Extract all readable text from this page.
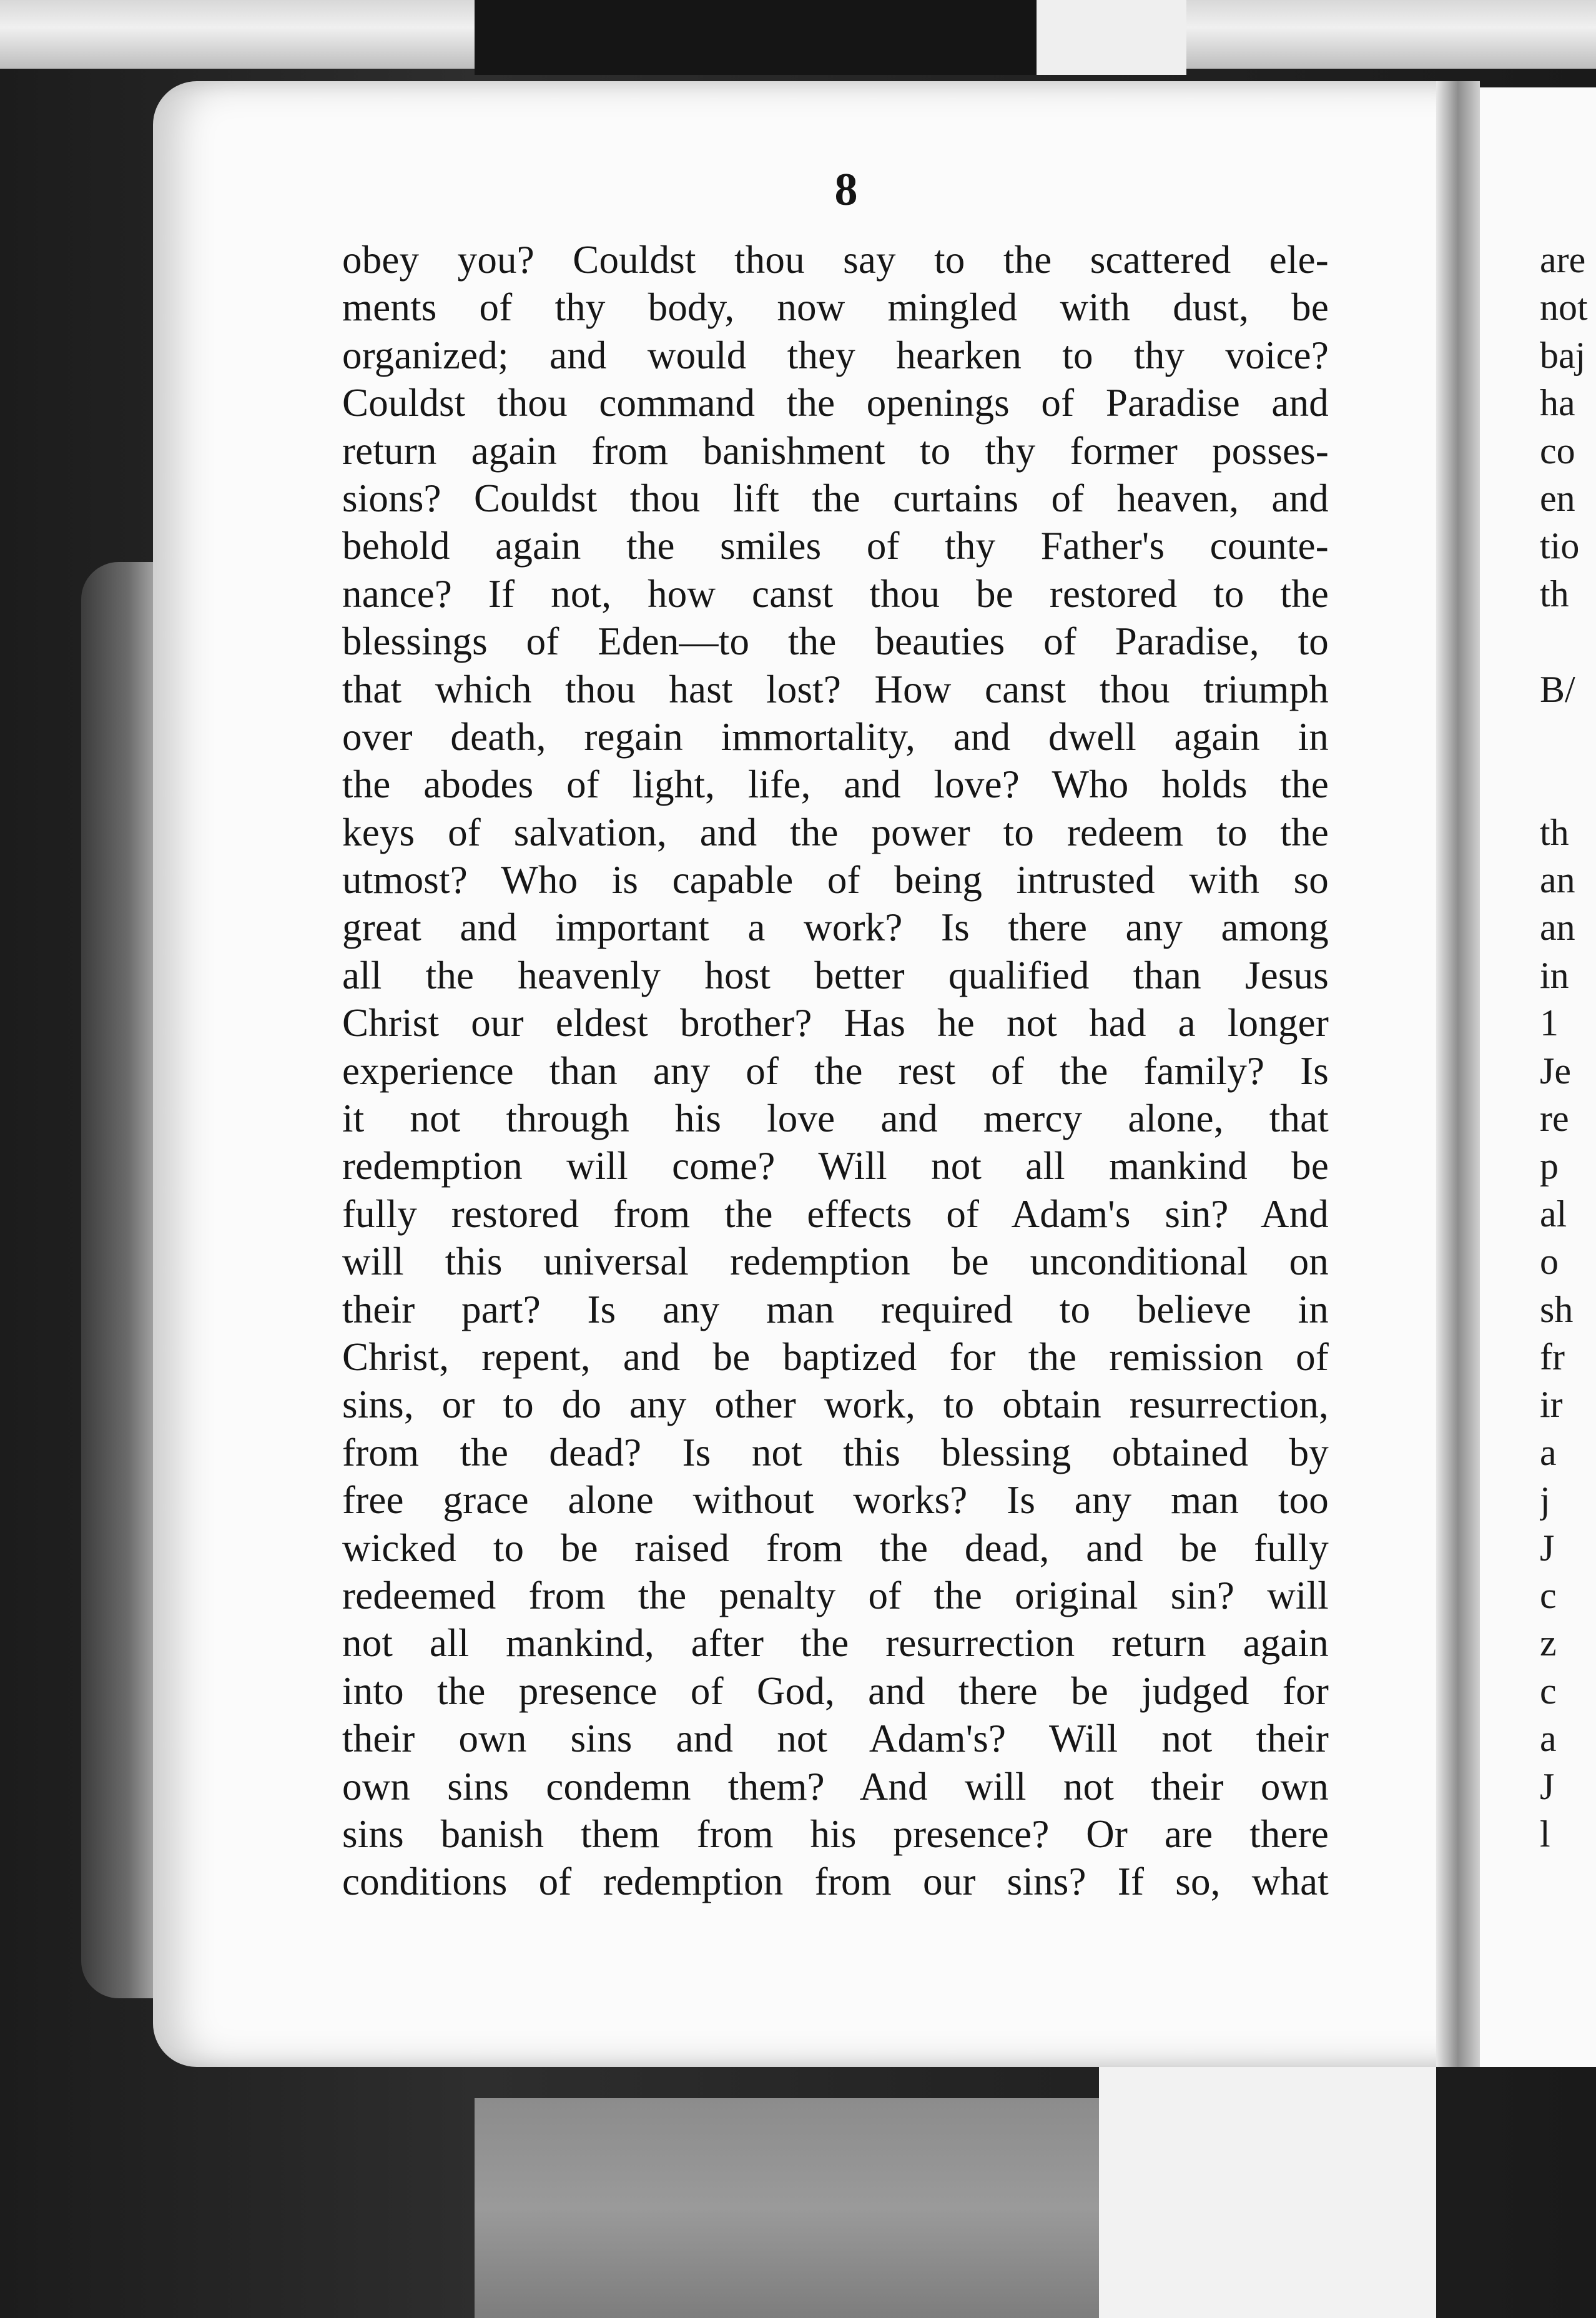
8
obey you? Couldst thou say to the scattered ele-
ments of thy body, now mingled with dust, be
organized; and would they hearken to thy voice?
Couldst thou command the openings of Paradise and
return again from banishment to thy former posses-
sions? Couldst thou lift the curtains of heaven, and
behold again the smiles of thy Father's counte-
nance? If not, how canst thou be restored to the
blessings of Eden—to the beauties of Paradise, to
that which thou hast lost? How canst thou triumph
over death, regain immortality, and dwell again in
the abodes of light, life, and love? Who holds the
keys of salvation, and the power to redeem to the
utmost? Who is capable of being intrusted with so
great and important a work? Is there any among
all the heavenly host better qualified than Jesus
Christ our eldest brother? Has he not had a longer
experience than any of the rest of the family? Is
it not through his love and mercy alone, that
redemption will come? Will not all mankind be
fully restored from the effects of Adam's sin? And
will this universal redemption be unconditional on
their part? Is any man required to believe in
Christ, repent, and be baptized for the remission of
sins, or to do any other work, to obtain resurrection,
from the dead? Is not this blessing obtained by
free grace alone without works? Is any man too
wicked to be raised from the dead, and be fully
redeemed from the penalty of the original sin? will
not all mankind, after the resurrection return again
into the presence of God, and there be judged for
their own sins and not Adam's? Will not their
own sins condemn them? And will not their own
sins banish them from his presence? Or are there
conditions of redemption from our sins? If so, what
are
not
baj
ha
co
en
tio
th
B/
th
an
an
in
1
Je
re
p
al
o
sh
fr
ir
a
j
J
c
z
c
a
J
l
